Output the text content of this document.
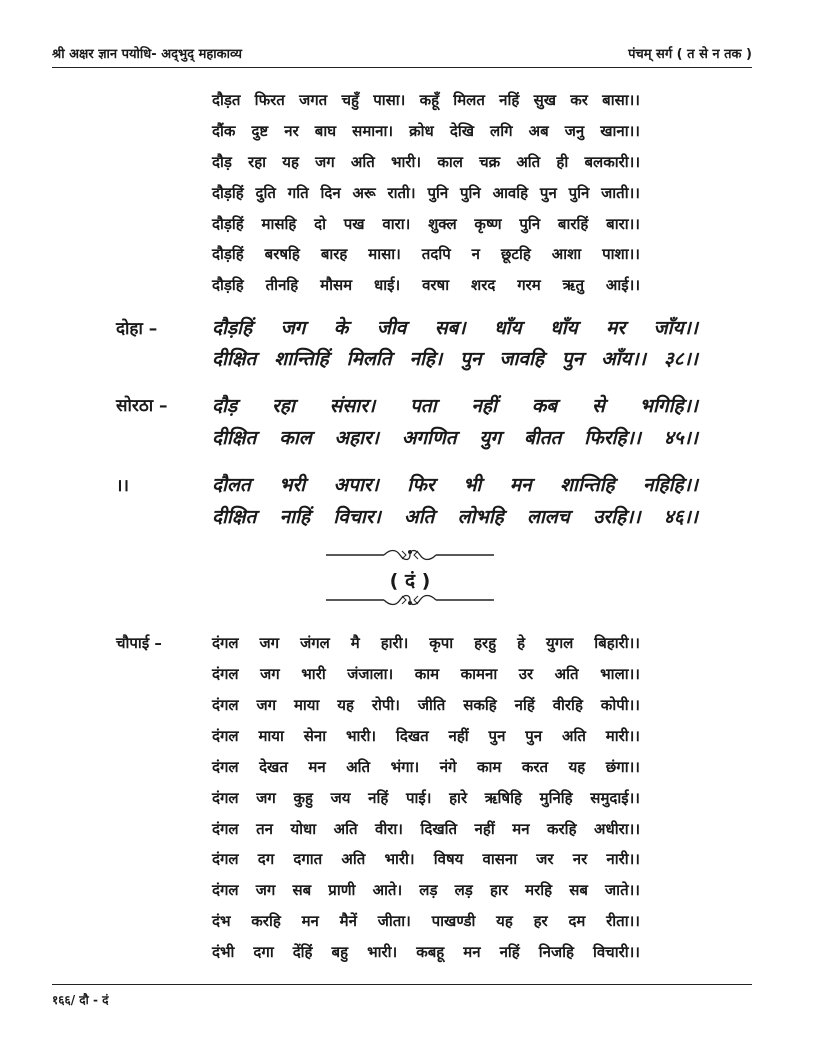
श्री अक्षर ज्ञान पयोधि- अद्‌भुद् महाकाव्य	पंचम् सर्ग ( त से न तक )
दौड़त फिरत जगत चहुँ पासा। कहूँ मिलत नहिं सुख कर बासा।।
दौंक दुष्ट नर बाघ समाना। क्रोध देखि लगि अब जनु खाना।।
दौड़ रहा यह जग अति भारी। काल चक्र अति ही बलकारी।।
दौड़हिं दुति गति दिन अरू राती। पुनि पुनि आवहि पुन पुनि जाती।।
दौड़हिं मासहि दो पख वारा। शुक्ल कृष्ण पुनि बारहिं बारा।।
दौड़हिं बरषहि बारह मासा। तदपि न छूटहि आशा पाशा।।
दौड़हि तीनहि मौसम धाई। वरषा शरद गरम ऋतु आई।।
दोहा –	दौड़हिं जग के जीव सब। धाँय धाँय मर जाँय।।
दीक्षित शान्तिहिं मिलति नहि। पुन जावहि पुन आँय।। ३८।।
सोरठा – दौड़ रहा संसार। पता नहीं कब से भगिहि।।
दीक्षित काल अहार। अगणित युग बीतत फिरहि।। ४५।।
।।	दौलत भरी अपार। फिर भी मन शान्तिहि नहिहि।।
दीक्षित नाहिं विचार। अति लोभहि लालच उरहि।। ४६।।
( दं )
चौपाई –	दंगल जग जंगल मै हारी। कृपा हरहु हे युगल बिहारी।।
दंगल जग भारी जंजाला। काम कामना उर अति भाला।।
दंगल जग माया यह रोपी। जीति सकहि नहिं वीरहि कोपी।।
दंगल माया सेना भारी। दिखत नहीं पुन पुन अति मारी।।
दंगल देखत मन अति भंगा। नंगे काम करत यह छंगा।।
दंगल जग कुहु जय नहिं पाई। हारे ऋषिहि मुनिहि समुदाई।।
दंगल तन योधा अति वीरा। दिखति नहीं मन करहि अधीरा।।
दंगल दग दगात अति भारी। विषय वासना जर नर नारी।।
दंगल जग सब प्राणी आते। लड़ लड़ हार मरहि सब जाते।।
दंभ करहि मन मैनें जीता। पाखण्डी यह हर दम रीता।।
दंभी दगा देंहिं बहु भारी। कबहू मन नहिं निजहि विचारी।।
१६६/ दौ - दं
